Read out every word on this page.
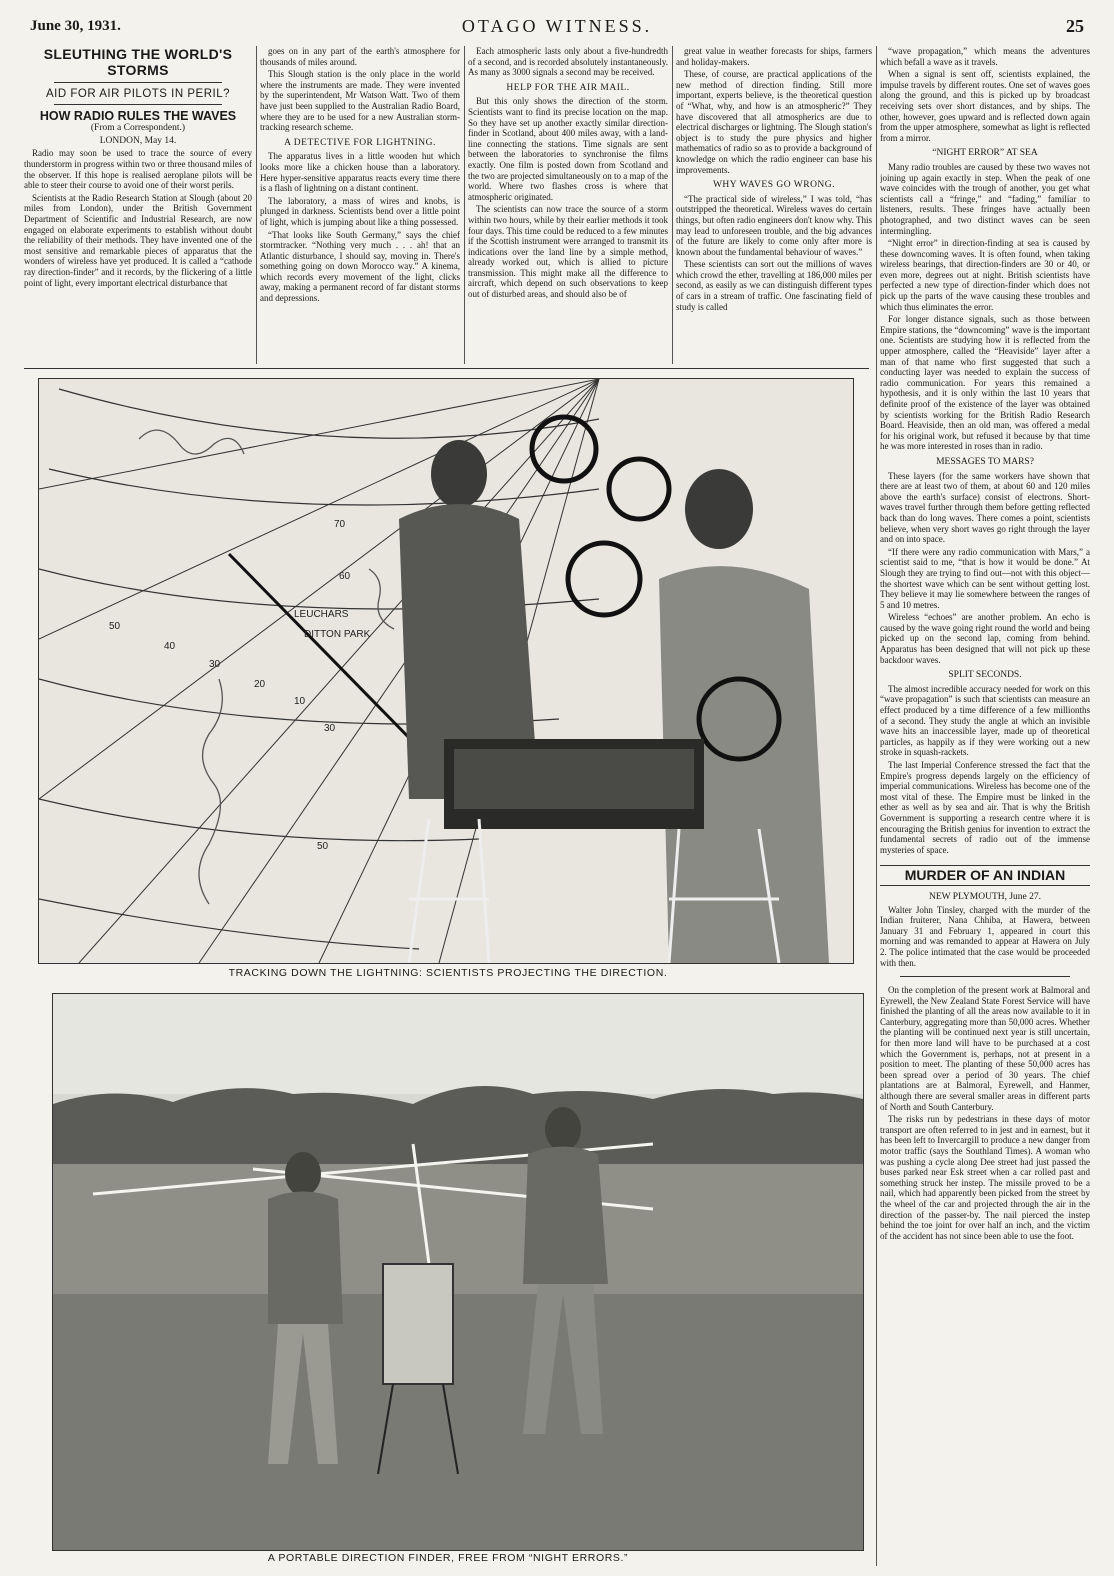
June 30, 1931.	OTAGO WITNESS.	25
SLEUTHING THE WORLD'S STORMS
AID FOR AIR PILOTS IN PERIL?
HOW RADIO RULES THE WAVES
(From a Correspondent.)
LONDON, May 14.

Radio may soon be used to trace the source of every thunderstorm in progress within two or three thousand miles of the observer. If this hope is realised aeroplane pilots will be able to steer their course to avoid one of their worst perils.

Scientists at the Radio Research Station at Slough (about 20 miles from London), under the British Government Department of Scientific and Industrial Research, are now engaged on elaborate experiments to establish without doubt the reliability of their methods. They have invented one of the most sensitive and remarkable pieces of apparatus that the wonders of wireless have yet produced. It is called a “cathode ray direction-finder” and it records, by the flickering of a little point of light, every important electrical disturbance that

goes on in any part of the earth's atmosphere for thousands of miles around.

This Slough station is the only place in the world where the instruments are made. They were invented by the superintendent, Mr Watson Watt. Two of them have just been supplied to the Australian Radio Board, where they are to be used for a new Australian storm-tracking research scheme.

A DETECTIVE FOR LIGHTNING.

The apparatus lives in a little wooden hut which looks more like a chicken house than a laboratory. Here hyper-sensitive apparatus reacts every time there is a flash of lightning on a distant continent.

The laboratory, a mass of wires and knobs, is plunged in darkness. Scientists bend over a little point of light, which is jumping about like a thing possessed.

“That looks like South Germany,” says the chief stormtracker. “Nothing very much . . . ah! that an Atlantic disturbance, I should say, moving in. There's something going on down Morocco way.” A kinema, which records every movement of the light, clicks away, making a permanent record of far distant storms and depressions.

Each atmospheric lasts only about a five-hundredth of a second, and is recorded absolutely instantaneously. As many as 3000 signals a second may be received.

HELP FOR THE AIR MAIL.

But this only shows the direction of the storm. Scientists want to find its precise location on the map. So they have set up another exactly similar direction-finder in Scotland, about 400 miles away, with a land-line connecting the stations. Time signals are sent between the laboratories to synchronise the films exactly. One film is posted down from Scotland and the two are projected simultaneously on to a map of the world. Where two flashes cross is where that atmospheric originated.

The scientists can now trace the source of a storm within two hours, while by their earlier methods it took four days. This time could be reduced to a few minutes if the Scottish instrument were arranged to transmit its indications over the land line by a simple method, already worked out, which is allied to picture transmission. This might make all the difference to aircraft, which depend on such observations to keep out of disturbed areas, and should also be of

great value in weather forecasts for ships, farmers and holiday-makers.

These, of course, are practical applications of the new method of direction finding. Still more important, experts believe, is the theoretical question of “What, why, and how is an atmospheric?” They have discovered that all atmospherics are due to electrical discharges or lightning. The Slough station's object is to study the pure physics and higher mathematics of radio so as to provide a background of knowledge on which the radio engineer can base his improvements.

WHY WAVES GO WRONG.

“The practical side of wireless,” I was told, “has outstripped the theoretical. Wireless waves do certain things, but often radio engineers don't know why. This may lead to unforeseen trouble, and the big advances of the future are likely to come only after more is known about the fundamental behaviour of waves.”

These scientists can sort out the millions of waves which crowd the ether, travelling at 186,000 miles per second, as easily as we can distinguish different types of cars in a stream of traffic. One fascinating field of study is called

“wave propagation,” which means the adventures which befall a wave as it travels.

When a signal is sent off, scientists explained, the impulse travels by different routes. One set of waves goes along the ground, and this is picked up by broadcast receiving sets over short distances, and by ships. The other, however, goes upward and is reflected down again from the upper atmosphere, somewhat as light is reflected from a mirror.

“NIGHT ERROR” AT SEA

Many radio troubles are caused by these two waves not joining up again exactly in step. When the peak of one wave coincides with the trough of another, you get what scientists call a “fringe,” and “fading,” familiar to listeners, results. These fringes have actually been photographed, and two distinct waves can be seen intermingling.

“Night error” in direction-finding at sea is caused by these downcoming waves. It is often found, when taking wireless bearings, that direction-finders are 30 or 40, or even more, degrees out at night. British scientists have perfected a new type of direction-finder which does not pick up the parts of the wave causing these troubles and which thus eliminates the error.

For longer distance signals, such as those between Empire stations, the “downcoming” wave is the important one. Scientists are studying how it is reflected from the upper atmosphere, called the “Heaviside” layer after a man of that name who first suggested that such a conducting layer was needed to explain the success of radio communication. For years this remained a hypothesis, and it is only within the last 10 years that definite proof of the existence of the layer was obtained by scientists working for the British Radio Research Board. Heaviside, then an old man, was offered a medal for his original work, but refused it because by that time he was more interested in roses than in radio.

MESSAGES TO MARS?

These layers (for the same workers have shown that there are at least two of them, at about 60 and 120 miles above the earth's surface) consist of electrons. Short-waves travel further through them before getting reflected back than do long waves. There comes a point, scientists believe, when very short waves go right through the layer and on into space.

“If there were any radio communication with Mars,” a scientist said to me, “that is how it would be done.” At Slough they are trying to find out—not with this object—the shortest wave which can be sent without getting lost. They believe it may lie somewhere between the ranges of 5 and 10 metres.

Wireless “echoes” are another problem. An echo is caused by the wave going right round the world and being picked up on the second lap, coming from behind. Apparatus has been designed that will not pick up these backdoor waves.

SPLIT SECONDS.

The almost incredible accuracy needed for work on this “wave propagation” is such that scientists can measure an effect produced by a time difference of a few millionths of a second. They study the angle at which an invisible wave hits an inaccessible layer, made up of theoretical particles, as happily as if they were working out a new stroke in squash-rackets.

The last Imperial Conference stressed the fact that the Empire's progress depends largely on the efficiency of imperial communications. Wireless has become one of the most vital of these. The Empire must be linked in the ether as well as by sea and air. That is why the British Government is supporting a research centre where it is encouraging the British genius for invention to extract the fundamental secrets of radio out of the immense mysteries of space.

MURDER OF AN INDIAN
NEW PLYMOUTH, June 27.

Walter John Tinsley, charged with the murder of the Indian fruiterer, Nana Chhiba, at Hawera, between January 31 and February 1, appeared in court this morning and was remanded to appear at Hawera on July 2. The police intimated that the case would be proceeded with then.

On the completion of the present work at Balmoral and Eyrewell, the New Zealand State Forest Service will have finished the planting of all the areas now available to it in Canterbury, aggregating more than 50,000 acres. Whether the planting will be continued next year is still uncertain, for then more land will have to be purchased at a cost which the Government is, perhaps, not at present in a position to meet. The planting of these 50,000 acres has been spread over a period of 30 years. The chief plantations are at Balmoral, Eyrewell, and Hanmer, although there are several smaller areas in different parts of North and South Canterbury.

The risks run by pedestrians in these days of motor transport are often referred to in jest and in earnest, but it has been left to Invercargill to produce a new danger from motor traffic (says the Southland Times). A woman who was pushing a cycle along Dee street had just passed the buses parked near Esk street when a car rolled past and something struck her instep. The missile proved to be a nail, which had apparently been picked from the street by the wheel of the car and projected through the air in the direction of the passer-by. The nail pierced the instep behind the toe joint for over half an inch, and the victim of the accident has not since been able to use the foot.

LEUCHARS
DITTON PARK
70
60
50
40
30
20
10
30
50
TRACKING DOWN THE LIGHTNING: SCIENTISTS PROJECTING THE DIRECTION.
A PORTABLE DIRECTION FINDER, FREE FROM “NIGHT ERRORS.”
